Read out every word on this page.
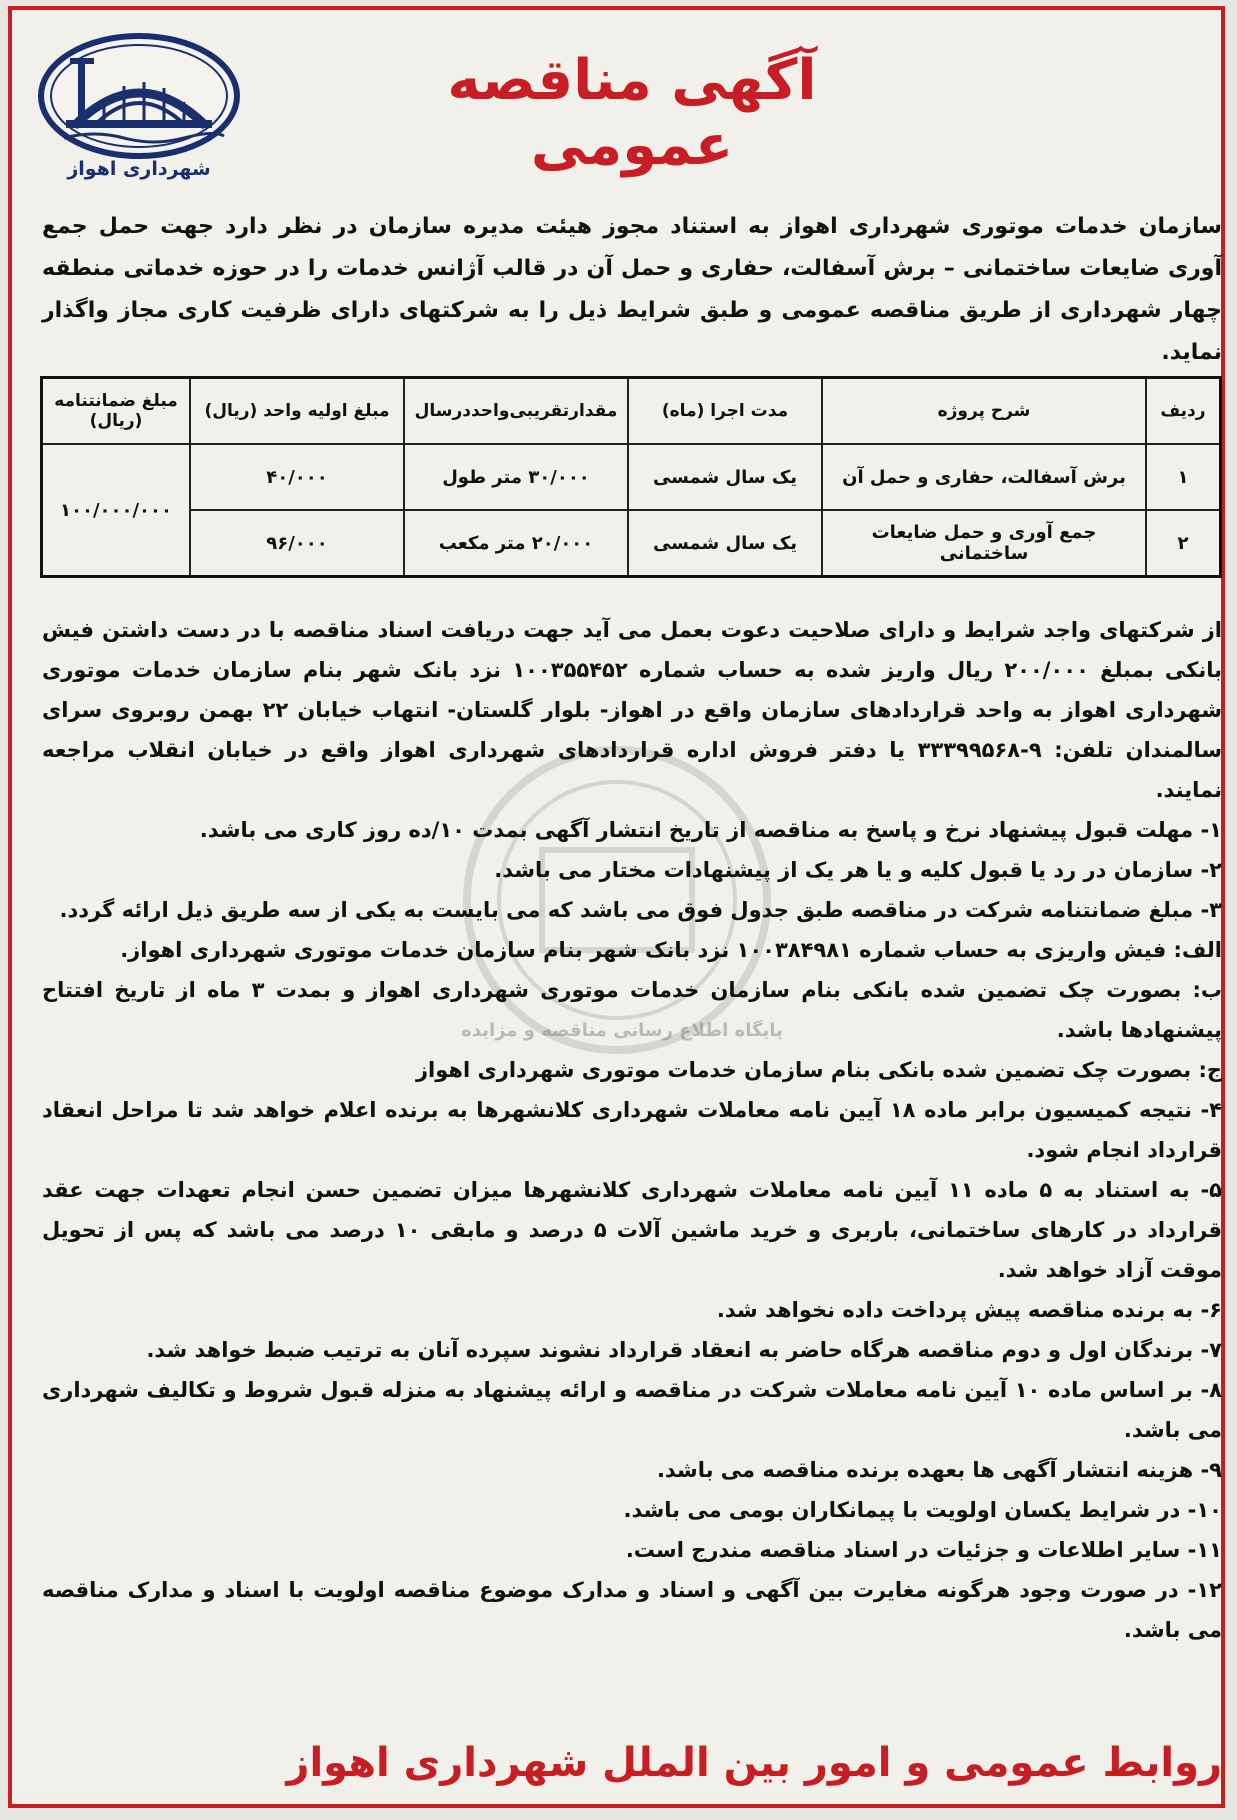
شهرداری اهواز
آگهی مناقصه عمومی
سازمان خدمات موتوری شهرداری اهواز به استناد مجوز هیئت مدیره سازمان در نظر دارد جهت حمل جمع آوری ضایعات ساختمانی – برش آسفالت، حفاری و حمل آن در قالب آژانس خدمات را در حوزه خدماتی منطقه چهار شهرداری از طریق مناقصه عمومی و طبق شرایط ذیل را به شرکتهای دارای ظرفیت کاری مجاز واگذار نماید.
ردیف	شرح پروژه	مدت اجرا (ماه)	مقدارتقریبی‌واحددرسال	مبلغ اولیه واحد (ریال)	مبلغ ضمانتنامه (ریال)
۱	برش آسفالت، حفاری و حمل آن	یک سال شمسی	۳۰/۰۰۰ متر طول	۴۰/۰۰۰	۱۰۰/۰۰۰/۰۰۰
۲	جمع آوری و حمل ضایعات ساختمانی	یک سال شمسی	۲۰/۰۰۰ متر مکعب	۹۶/۰۰۰	
پایگاه اطلاع رسانی مناقصه و مزایده

از شرکتهای واجد شرایط و دارای صلاحیت دعوت بعمل می آید جهت دریافت اسناد مناقصه با در دست داشتن فیش بانکی بمبلغ ۲۰۰/۰۰۰ ریال واریز شده به حساب شماره ۱۰۰۳۵۵۴۵۲ نزد بانک شهر بنام سازمان خدمات موتوری شهرداری اهواز به واحد قراردادهای سازمان واقع در اهواز- بلوار گلستان- انتهاب خیابان ۲۲ بهمن روبروی سرای سالمندان تلفن: ۹-۳۳۳۹۹۵۶۸ یا دفتر فروش اداره قراردادهای شهرداری اهواز واقع در خیابان انقلاب مراجعه نمایند.

۱- مهلت قبول پیشنهاد نرخ و پاسخ به مناقصه از تاریخ انتشار آگهی بمدت ۱۰/ده روز کاری می باشد.

۲- سازمان در رد یا قبول کلیه و یا هر یک از پیشنهادات مختار می باشد.

۳- مبلغ ضمانتنامه شرکت در مناقصه طبق جدول فوق می باشد که می بایست به یکی از سه طریق ذیل ارائه گردد.

الف: فیش واریزی به حساب شماره ۱۰۰۳۸۴۹۸۱ نزد بانک شهر بنام سازمان خدمات موتوری شهرداری اهواز.

ب: بصورت چک تضمین شده بانکی بنام سازمان خدمات موتوری شهرداری اهواز و بمدت ۳ ماه از تاریخ افتتاح پیشنهادها باشد.

ج: بصورت چک تضمین شده بانکی بنام سازمان خدمات موتوری شهرداری اهواز

۴- نتیجه کمیسیون برابر ماده ۱۸ آیین نامه معاملات شهرداری کلانشهرها به برنده اعلام خواهد شد تا مراحل انعقاد قرارداد انجام شود.

۵- به استناد به ۵ ماده ۱۱ آیین نامه معاملات شهرداری کلانشهرها میزان تضمین حسن انجام تعهدات جهت عقد قرارداد در کارهای ساختمانی، باربری و خرید ماشین آلات ۵ درصد و مابقی ۱۰ درصد می باشد که پس از تحویل موقت آزاد خواهد شد.

۶- به برنده مناقصه پیش پرداخت داده نخواهد شد.

۷- برندگان اول و دوم مناقصه هرگاه حاضر به انعقاد قرارداد نشوند سپرده آنان به ترتیب ضبط خواهد شد.

۸- بر اساس ماده ۱۰ آیین نامه معاملات شرکت در مناقصه و ارائه پیشنهاد به منزله قبول شروط و تکالیف شهرداری می باشد.

۹- هزینه انتشار آگهی ها بعهده برنده مناقصه می باشد.

۱۰- در شرایط یکسان اولویت با پیمانکاران بومی می باشد.

۱۱- سایر اطلاعات و جزئیات در اسناد مناقصه مندرج است.

۱۲- در صورت وجود هرگونه مغایرت بین آگهی و اسناد و مدارک موضوع مناقصه اولویت با اسناد و مدارک مناقصه می باشد.

روابط عمومی و امور بین الملل شهرداری اهواز
